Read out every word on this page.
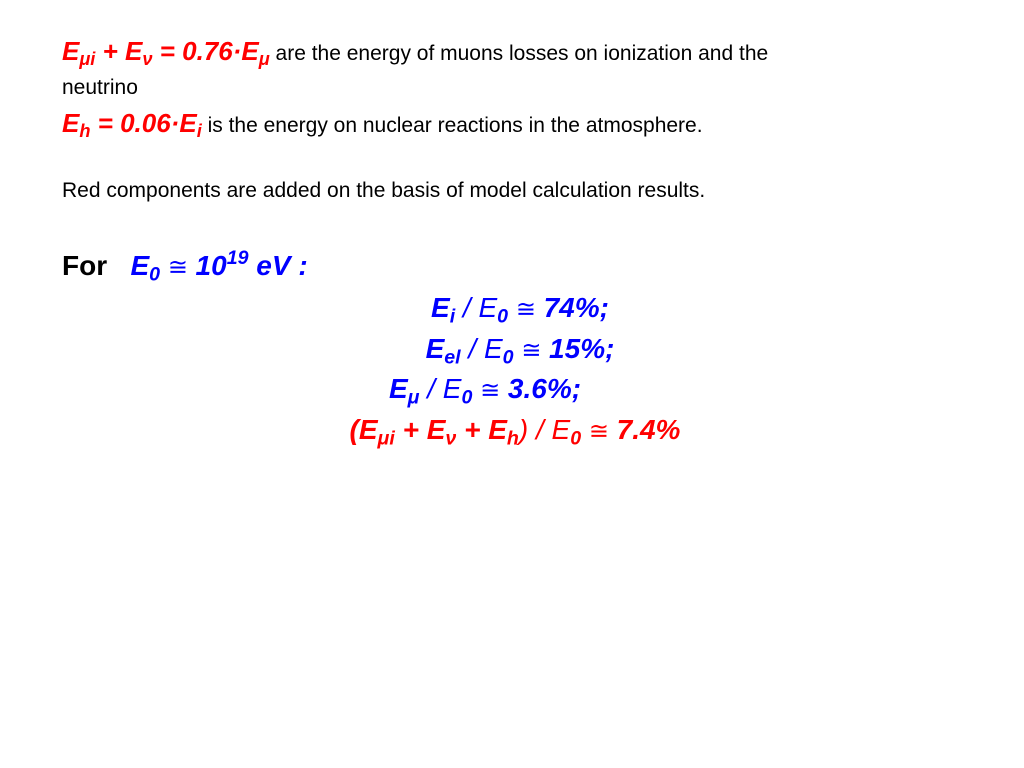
$E_{\mu i} + E_\nu = 0.76\cdot E_\mu$ are the energy of muons losses on ionization and the
neutrino
$E_h = 0.06\cdot E_i$ is the energy on nuclear reactions in the atmosphere.
Red components are added on the basis of model calculation results.
For $E_0$ ≅ $10^{19}$ eV :
$E_i / E_0$ ≅ 74%;
$E_{el} / E_0$ ≅ 15%;
$E_\mu / E_0$ ≅ 3.6%;
$(E_{\mu i} + E_\nu + E_h) / E_0$ ≅ 7.4%
